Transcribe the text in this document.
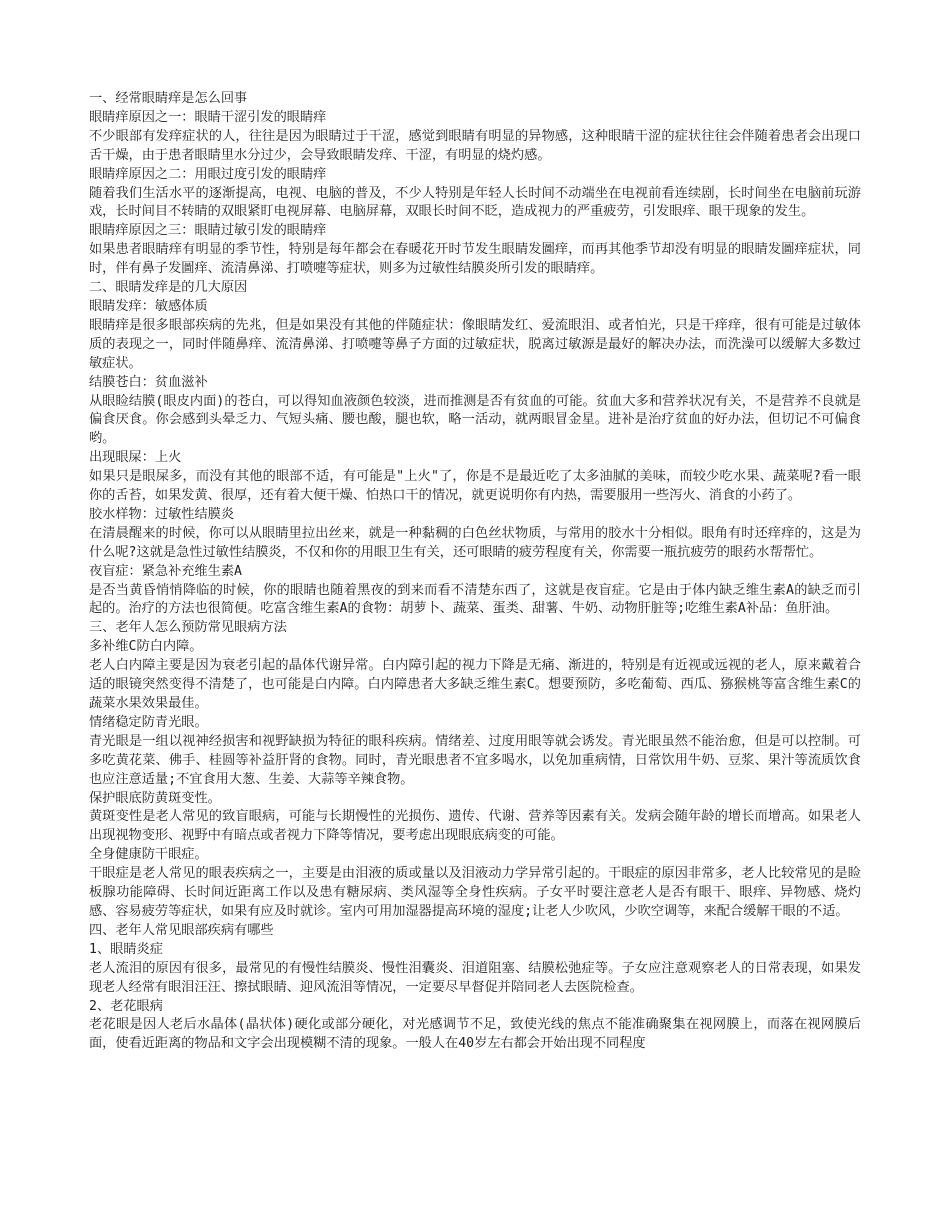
一、经常眼睛痒是怎么回事

眼睛痒原因之一：眼睛干涩引发的眼睛痒

不少眼部有发痒症状的人，往往是因为眼睛过于干涩，感觉到眼睛有明显的异物感，这种眼睛干涩的症状往往会伴随着患者会出现口舌干燥，由于患者眼睛里水分过少，会导致眼睛发痒、干涩，有明显的烧灼感。

眼睛痒原因之二：用眼过度引发的眼睛痒

随着我们生活水平的逐渐提高，电视、电脑的普及，不少人特别是年轻人长时间不动端坐在电视前看连续剧，长时间坐在电脑前玩游戏，长时间目不转睛的双眼紧盯电视屏幕、电脑屏幕，双眼长时间不眨，造成视力的严重疲劳，引发眼痒、眼干现象的发生。

眼睛痒原因之三：眼睛过敏引发的眼睛痒

如果患者眼睛痒有明显的季节性，特别是每年都会在春暖花开时节发生眼睛发圖痒，而再其他季节却没有明显的眼睛发圖痒症状，同时，伴有鼻子发圖痒、流清鼻涕、打喷嚏等症状，则多为过敏性结膜炎所引发的眼睛痒。

二、眼睛发痒是的几大原因

眼睛发痒：敏感体质

眼睛痒是很多眼部疾病的先兆，但是如果没有其他的伴随症状：像眼睛发红、爱流眼泪、或者怕光，只是干痒痒，很有可能是过敏体质的表现之一，同时伴随鼻痒、流清鼻涕、打喷嚏等鼻子方面的过敏症状，脱离过敏源是最好的解决办法，而洗澡可以缓解大多数过敏症状。

结膜苍白：贫血滋补

从眼睑结膜(眼皮内面)的苍白，可以得知血液颜色较淡，进而推测是否有贫血的可能。贫血大多和营养状况有关，不是营养不良就是偏食厌食。你会感到头晕乏力、气短头痛、腰也酸，腿也软，略一活动，就两眼冒金星。进补是治疗贫血的好办法，但切记不可偏食哟。

出现眼屎：上火

如果只是眼屎多，而没有其他的眼部不适，有可能是"上火"了，你是不是最近吃了太多油腻的美味，而较少吃水果、蔬菜呢?看一眼你的舌苔，如果发黄、很厚，还有着大便干燥、怕热口干的情况，就更说明你有内热，需要服用一些泻火、消食的小药了。

胶水样物：过敏性结膜炎

在清晨醒来的时候，你可以从眼睛里拉出丝来，就是一种黏稠的白色丝状物质，与常用的胶水十分相似。眼角有时还痒痒的，这是为什么呢?这就是急性过敏性结膜炎，不仅和你的用眼卫生有关，还可眼睛的疲劳程度有关，你需要一瓶抗疲劳的眼药水帮帮忙。

夜盲症：紧急补充维生素A

是否当黄昏悄悄降临的时候，你的眼睛也随着黑夜的到来而看不清楚东西了，这就是夜盲症。它是由于体内缺乏维生素A的缺乏而引起的。治疗的方法也很简便。吃富含维生素A的食物：胡萝卜、蔬菜、蛋类、甜薯、牛奶、动物肝脏等;吃维生素A补品：鱼肝油。

三、老年人怎么预防常见眼病方法

多补维C防白内障。

老人白内障主要是因为衰老引起的晶体代谢异常。白内障引起的视力下降是无痛、渐进的，特别是有近视或远视的老人，原来戴着合适的眼镜突然变得不清楚了，也可能是白内障。白内障患者大多缺乏维生素C。想要预防，多吃葡萄、西瓜、猕猴桃等富含维生素C的蔬菜水果效果最佳。

情绪稳定防青光眼。

青光眼是一组以视神经损害和视野缺损为特征的眼科疾病。情绪差、过度用眼等就会诱发。青光眼虽然不能治愈，但是可以控制。可多吃黄花菜、佛手、桂圆等补益肝肾的食物。同时，青光眼患者不宜多喝水，以免加重病情，日常饮用牛奶、豆浆、果汁等流质饮食也应注意适量;不宜食用大葱、生姜、大蒜等辛辣食物。

保护眼底防黄斑变性。

黄斑变性是老人常见的致盲眼病，可能与长期慢性的光损伤、遗传、代谢、营养等因素有关。发病会随年龄的增长而增高。如果老人出现视物变形、视野中有暗点或者视力下降等情况，要考虑出现眼底病变的可能。

全身健康防干眼症。

干眼症是老人常见的眼表疾病之一，主要是由泪液的质或量以及泪液动力学异常引起的。干眼症的原因非常多，老人比较常见的是睑板腺功能障碍、长时间近距离工作以及患有糖尿病、类风湿等全身性疾病。子女平时要注意老人是否有眼干、眼痒、异物感、烧灼感、容易疲劳等症状，如果有应及时就诊。室内可用加湿器提高环境的湿度;让老人少吹风，少吹空调等，来配合缓解干眼的不适。

四、老年人常见眼部疾病有哪些

1、眼睛炎症

老人流泪的原因有很多，最常见的有慢性结膜炎、慢性泪囊炎、泪道阻塞、结膜松弛症等。子女应注意观察老人的日常表现，如果发现老人经常有眼泪汪汪、擦拭眼睛、迎风流泪等情况，一定要尽早督促并陪同老人去医院检查。

2、老花眼病

老花眼是因人老后水晶体(晶状体)硬化或部分硬化，对光感调节不足，致使光线的焦点不能准确聚集在视网膜上，而落在视网膜后面，使看近距离的物品和文字会出现模糊不清的现象。一般人在40岁左右都会开始出现不同程度
